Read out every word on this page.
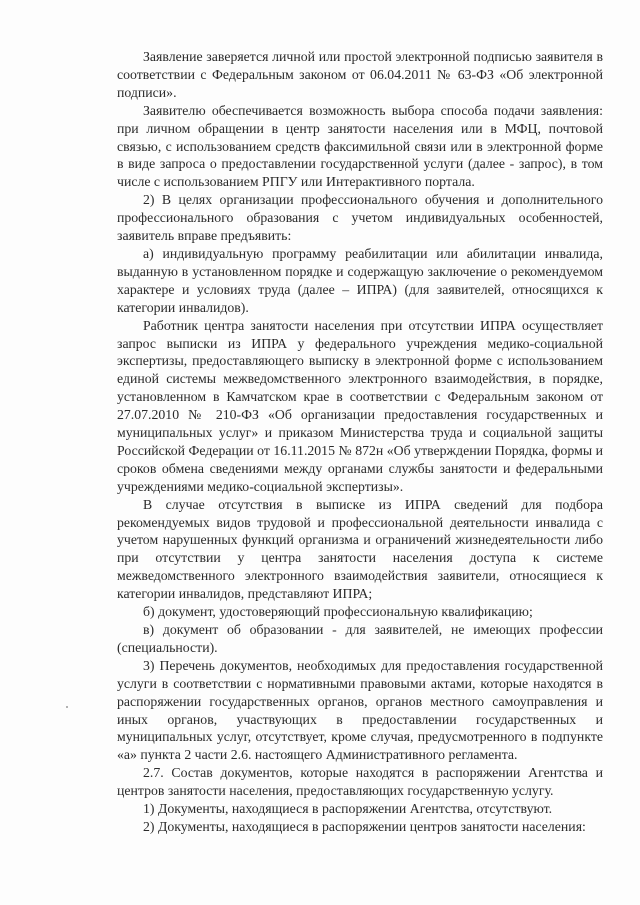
Заявление заверяется личной или простой электронной подписью заявителя в соответствии с Федеральным законом от 06.04.2011 № 63-ФЗ «Об электронной подписи».

Заявителю обеспечивается возможность выбора способа подачи заявления: при личном обращении в центр занятости населения или в МФЦ, почтовой связью, с использованием средств факсимильной связи или в электронной форме в виде запроса о предоставлении государственной услуги (далее - запрос), в том числе с использованием РПГУ или Интерактивного портала.

2) В целях организации профессионального обучения и дополнительного профессионального образования с учетом индивидуальных особенностей, заявитель вправе предъявить:

а) индивидуальную программу реабилитации или абилитации инвалида, выданную в установленном порядке и содержащую заключение о рекомендуемом характере и условиях труда (далее – ИПРА) (для заявителей, относящихся к категории инвалидов).

Работник центра занятости населения при отсутствии ИПРА осуществляет запрос выписки из ИПРА у федерального учреждения медико-социальной экспертизы, предоставляющего выписку в электронной форме с использованием единой системы межведомственного электронного взаимодействия, в порядке, установленном в Камчатском крае в соответствии с Федеральным законом от 27.07.2010 № 210-ФЗ «Об организации предоставления государственных и муниципальных услуг» и приказом Министерства труда и социальной защиты Российской Федерации от 16.11.2015 № 872н «Об утверждении Порядка, формы и сроков обмена сведениями между органами службы занятости и федеральными учреждениями медико-социальной экспертизы».

В случае отсутствия в выписке из ИПРА сведений для подбора рекомендуемых видов трудовой и профессиональной деятельности инвалида с учетом нарушенных функций организма и ограничений жизнедеятельности либо при отсутствии у центра занятости населения доступа к системе межведомственного электронного взаимодействия заявители, относящиеся к категории инвалидов, представляют ИПРА;

б) документ, удостоверяющий профессиональную квалификацию;

в) документ об образовании - для заявителей, не имеющих профессии (специальности).

3) Перечень документов, необходимых для предоставления государственной услуги в соответствии с нормативными правовыми актами, которые находятся в распоряжении государственных органов, органов местного самоуправления и иных органов, участвующих в предоставлении государственных и муниципальных услуг, отсутствует, кроме случая, предусмотренного в подпункте «а» пункта 2 части 2.6. настоящего Административного регламента.

2.7. Состав документов, которые находятся в распоряжении Агентства и центров занятости населения, предоставляющих государственную услугу.

1) Документы, находящиеся в распоряжении Агентства, отсутствуют.

2) Документы, находящиеся в распоряжении центров занятости населения:
